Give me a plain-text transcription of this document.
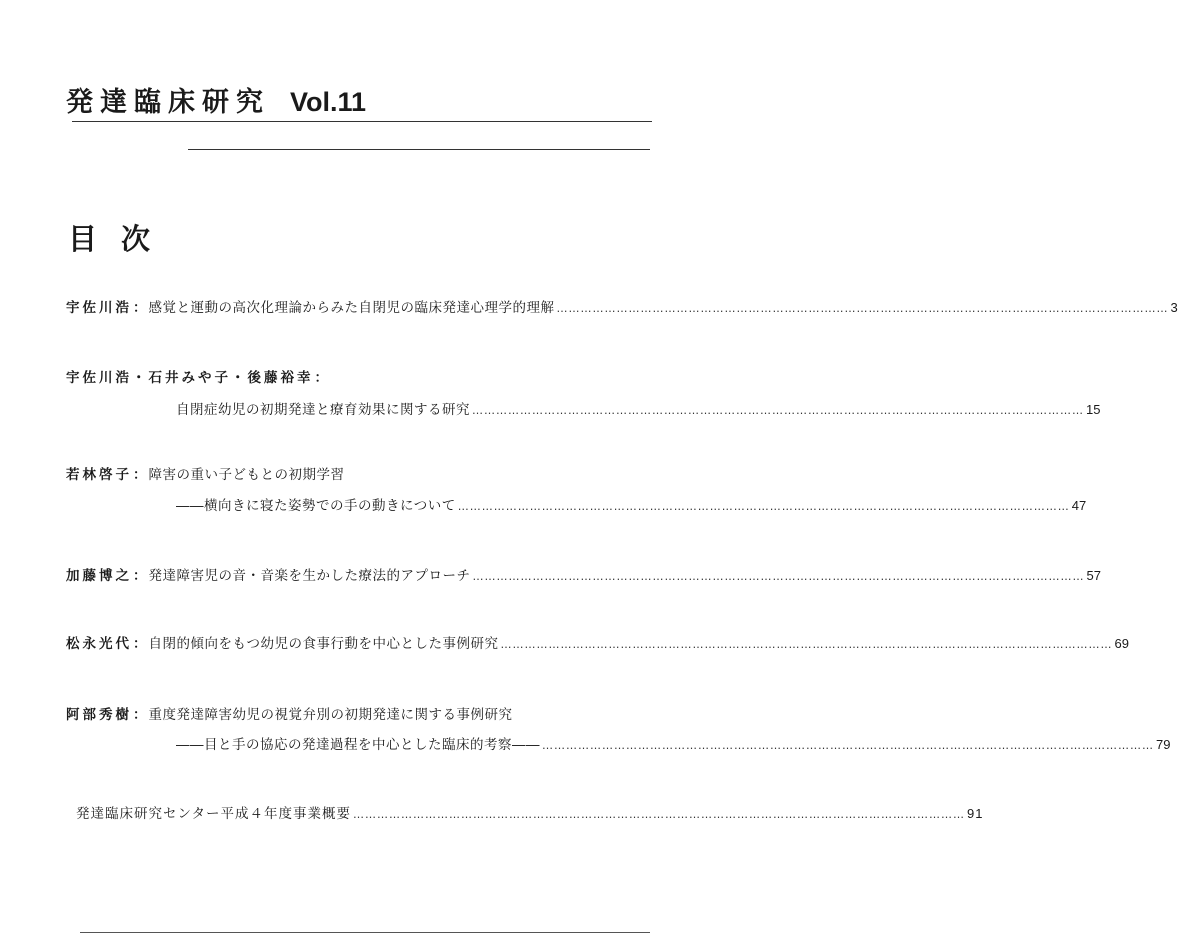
発達臨床研究 Vol.11
目次
宇佐川浩 ： 感覚と運動の高次化理論からみた自閉児の臨床発達心理学的理解 ……………………………………………………………………………………………………………………………………… 3
宇佐川浩・石井みや子・後藤裕幸 ：
自閉症幼児の初期発達と療育効果に関する研究 ……………………………………………………………………………………………………………………………………… 15
若林啓子 ： 障害の重い子どもとの初期学習
――横向きに寝た姿勢での手の動きについて ……………………………………………………………………………………………………………………………………… 47
加藤博之 ： 発達障害児の音・音楽を生かした療法的アプローチ ……………………………………………………………………………………………………………………………………… 57
松永光代 ： 自閉的傾向をもつ幼児の食事行動を中心とした事例研究 ……………………………………………………………………………………………………………………………………… 69
阿部秀樹 ： 重度発達障害幼児の視覚弁別の初期発達に関する事例研究
――目と手の協応の発達過程を中心とした臨床的考察―― ……………………………………………………………………………………………………………………………………… 79
発達臨床研究センター 平成４年度事業概要 ……………………………………………………………………………………………………………………………………… 91
